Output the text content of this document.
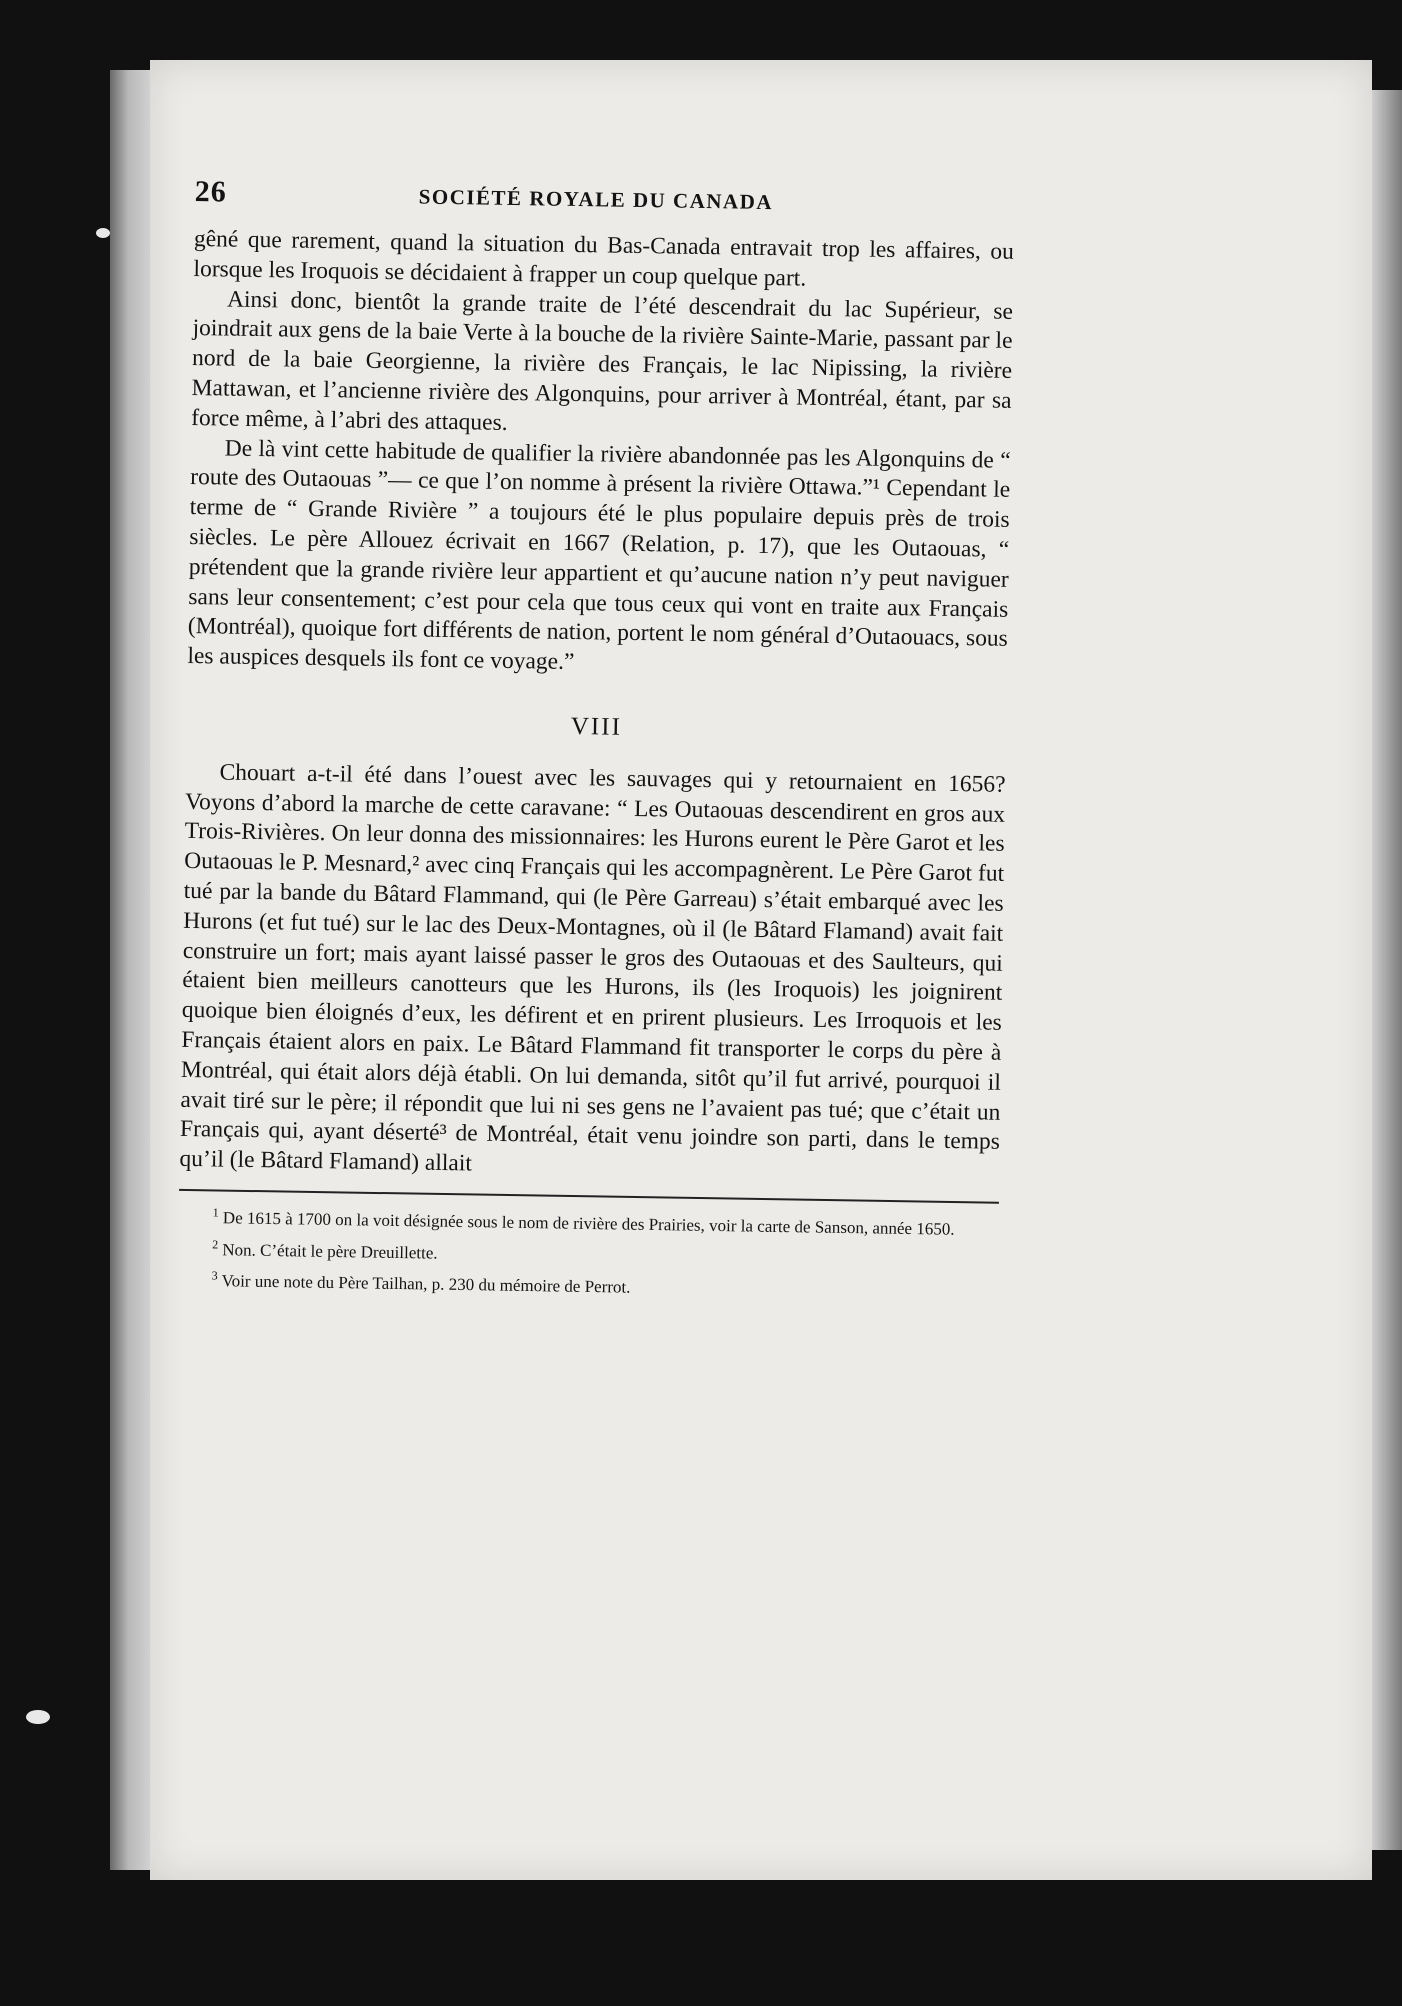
26	SOCIÉTÉ ROYALE DU CANADA

gêné que rarement, quand la situation du Bas-Canada entravait trop les affaires, ou lorsque les Iroquois se décidaient à frapper un coup quelque part.

Ainsi donc, bientôt la grande traite de l’été descendrait du lac Supérieur, se joindrait aux gens de la baie Verte à la bouche de la rivière Sainte-Marie, passant par le nord de la baie Georgienne, la rivière des Français, le lac Nipissing, la rivière Mattawan, et l’ancienne rivière des Algonquins, pour arriver à Montréal, étant, par sa force même, à l’abri des attaques.

De là vint cette habitude de qualifier la rivière abandonnée pas les Algonquins de “ route des Outaouas ”— ce que l’on nomme à présent la rivière Ottawa.”¹ Cependant le terme de “ Grande Rivière ” a toujours été le plus populaire depuis près de trois siècles. Le père Allouez écrivait en 1667 (Relation, p. 17), que les Outaouas, “ prétendent que la grande rivière leur appartient et qu’aucune nation n’y peut naviguer sans leur consentement; c’est pour cela que tous ceux qui vont en traite aux Français (Montréal), quoique fort différents de nation, portent le nom général d’Outaouacs, sous les auspices desquels ils font ce voyage.”

VIII

Chouart a-t-il été dans l’ouest avec les sauvages qui y retournaient en 1656? Voyons d’abord la marche de cette caravane: “ Les Outaouas descendirent en gros aux Trois-Rivières. On leur donna des missionnaires: les Hurons eurent le Père Garot et les Outaouas le P. Mesnard,² avec cinq Français qui les accompagnèrent. Le Père Garot fut tué par la bande du Bâtard Flammand, qui (le Père Garreau) s’était embarqué avec les Hurons (et fut tué) sur le lac des Deux-Montagnes, où il (le Bâtard Flamand) avait fait construire un fort; mais ayant laissé passer le gros des Outaouas et des Saulteurs, qui étaient bien meilleurs canotteurs que les Hurons, ils (les Iroquois) les joignirent quoique bien éloignés d’eux, les défirent et en prirent plusieurs. Les Irroquois et les Français étaient alors en paix. Le Bâtard Flammand fit transporter le corps du père à Montréal, qui était alors déjà établi. On lui demanda, sitôt qu’il fut arrivé, pourquoi il avait tiré sur le père; il répondit que lui ni ses gens ne l’avaient pas tué; que c’était un Français qui, ayant déserté³ de Montréal, était venu joindre son parti, dans le temps qu’il (le Bâtard Flamand) allait

$^1$ De 1615 à 1700 on la voit désignée sous le nom de rivière des Prairies, voir la carte de Sanson, année 1650.

$^2$ Non. C’était le père Dreuillette.

$^3$ Voir une note du Père Tailhan, p. 230 du mémoire de Perrot.
